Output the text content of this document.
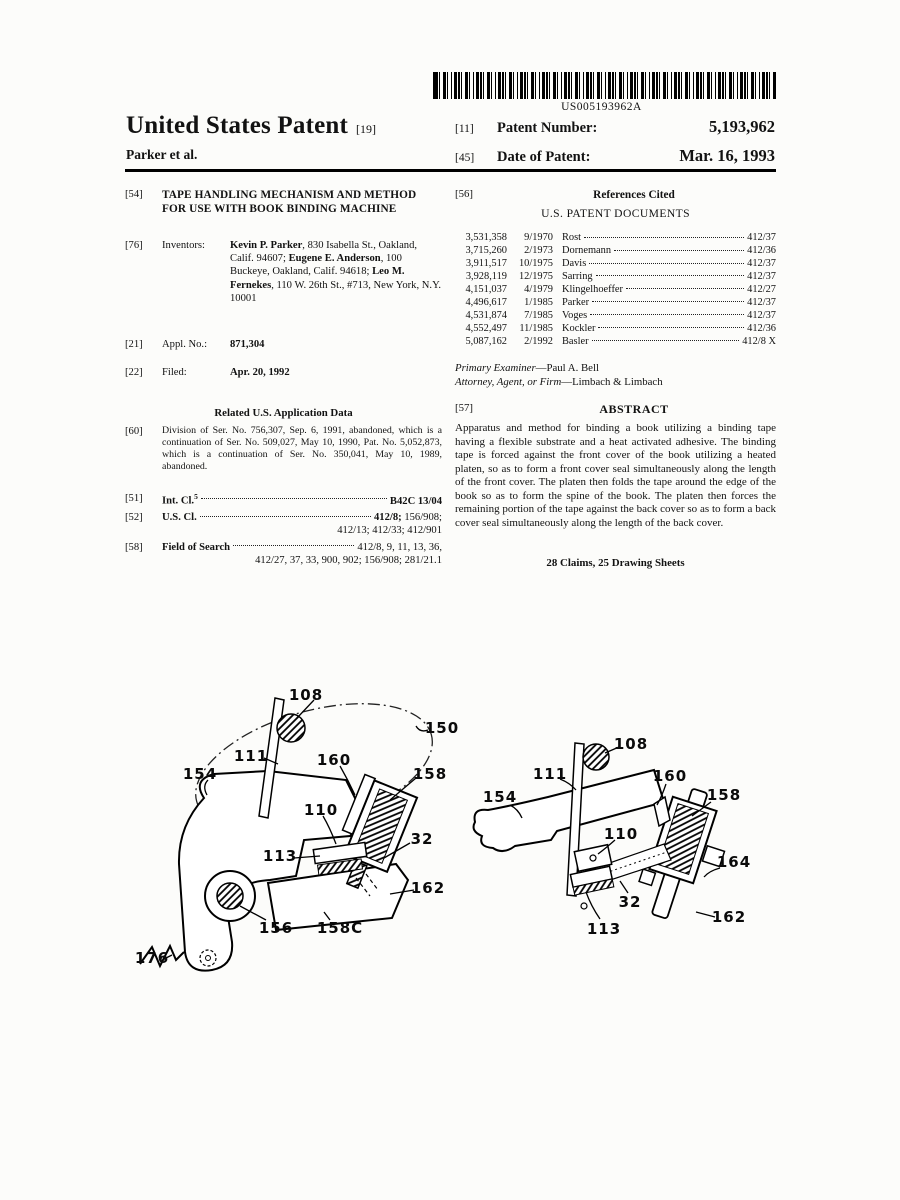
US005193962A
United States Patent [19]
Parker et al.
[11]	Patent Number:	5,193,962
[45]	Date of Patent:	Mar. 16, 1993
[54]	TAPE HANDLING MECHANISM AND METHOD FOR USE WITH BOOK BINDING MACHINE
[76]	Inventors:	Kevin P. Parker, 830 Isabella St., Oakland, Calif. 94607; Eugene E. Anderson, 100 Buckeye, Oakland, Calif. 94618; Leo M. Fernekes, 110 W. 26th St., #713, New York, N.Y. 10001
[21]	Appl. No.:	871,304
[22]	Filed:	Apr. 20, 1992
Related U.S. Application Data
[60]	Division of Ser. No. 756,307, Sep. 6, 1991, abandoned, which is a continuation of Ser. No. 509,027, May 10, 1990, Pat. No. 5,052,873, which is a continuation of Ser. No. 350,041, May 10, 1989, abandoned.
[51]	Int. Cl.$^5$	B42C 13/04
[52]	U.S. Cl.	412/8; 156/908;
412/13; 412/33; 412/901
[58]	Field of Search	412/8, 9, 11, 13, 36,
412/27, 37, 33, 900, 902; 156/908; 281/21.1
[56]	References Cited
U.S. PATENT DOCUMENTS
3,531,358	9/1970 Rost	412/37
3,715,260	2/1973 Dornemann	412/36
3,911,517	10/1975 Davis	412/37
3,928,119	12/1975 Sarring	412/37
4,151,037	4/1979 Klingelhoeffer	412/27
4,496,617	1/1985 Parker	412/37
4,531,874	7/1985 Voges	412/37
4,552,497	11/1985 Kockler	412/36
5,087,162	2/1992 Basler	412/8 X
Primary Examiner—Paul A. Bell
Attorney, Agent, or Firm—Limbach & Limbach
[57]	ABSTRACT
Apparatus and method for binding a book utilizing a binding tape having a flexible substrate and a heat activated adhesive. The binding tape is forced against the front cover of the book utilizing a heated platen, so as to form a front cover seal simultaneously along the length of the front cover. The platen then folds the tape around the edge of the book so as to form the spine of the book. The platen then forces the remaining portion of the tape against the back cover so as to form a back cover seal simultaneously along the length of the back cover.
28 Claims, 25 Drawing Sheets
108
150
111	160
158
154
110
113
32
162
156 158C
176
108
111
154
160
158
110
164
32
162
113
